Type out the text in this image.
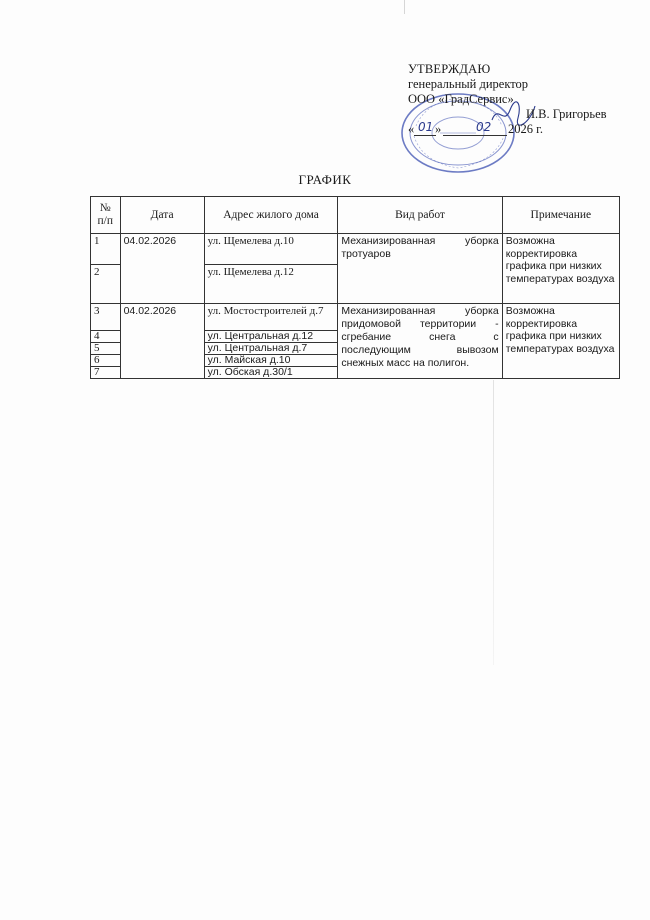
УТВЕРЖДАЮ
генеральный директор
ООО «ГрадСервис»
И.В. Григорьев
« 01 »	02 2026 г.
ГРАФИК
№ п/п	Дата	Адрес жилого дома	Вид работ	Примечание
1	04.02.2026	ул. Щемелева д.10	Механизированная уборка тротуаров	Возможна корректировка графика при низких температурах воздуха
2		ул. Щемелева д.12		
3	04.02.2026	ул. Мостостроителей д.7	Механизированная уборка придомовой территории - сгребание снега с последующим вывозом снежных масс на полигон.	Возможна корректировка графика при низких температурах воздуха
4		ул. Центральная д.12		
5		ул. Центральная д.7		
6		ул. Майская д.10		
7		ул. Обская д.30/1		
